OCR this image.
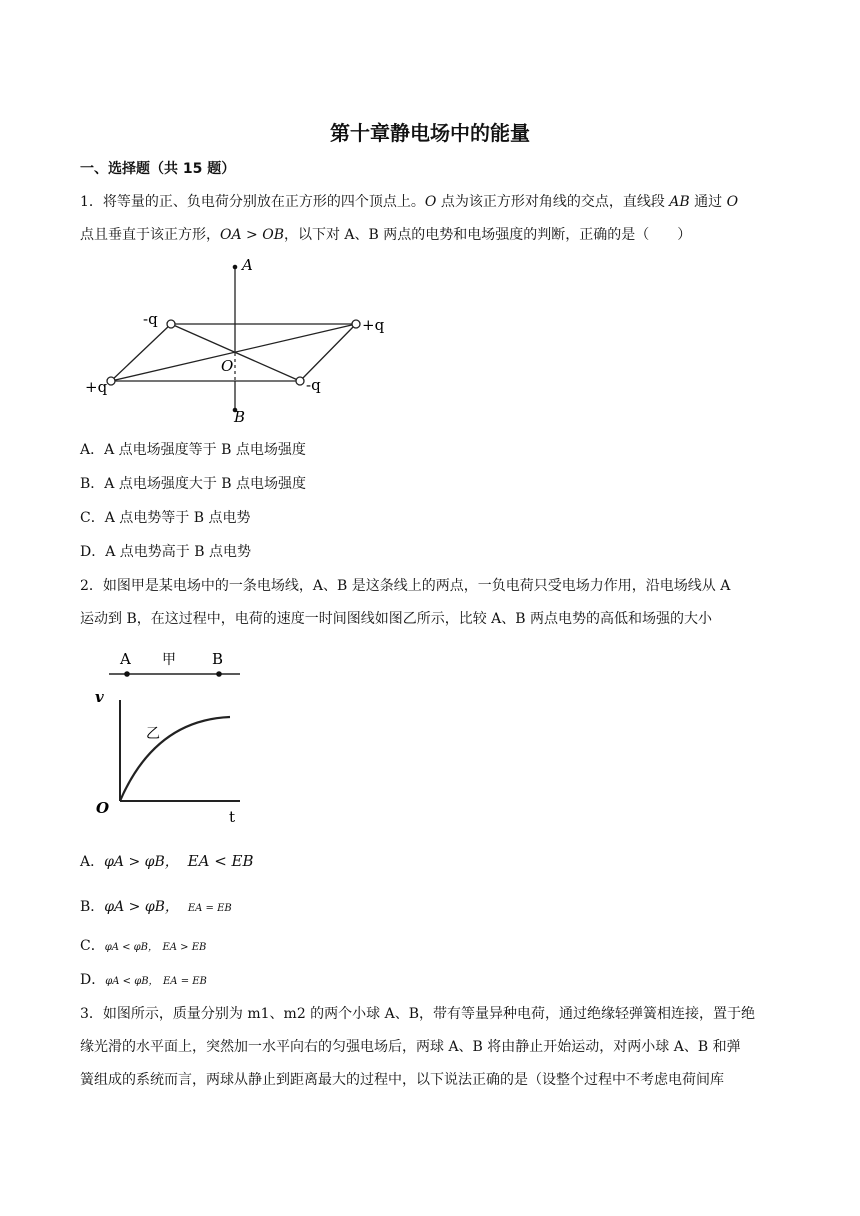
第十章静电场中的能量
一、选择题（共 15 题）
1．将等量的正、负电荷分别放在正方形的四个顶点上。O 点为该正方形对角线的交点，直线段 AB 通过 O
点且垂直于该正方形，OA > OB，以下对 A、B 两点的电势和电场强度的判断，正确的是（　　）
A
B
O
-q	+q
+q	-q
A．A 点电场强度等于 B 点电场强度
B．A 点电场强度大于 B 点电场强度
C．A 点电势等于 B 点电势
D．A 点电势高于 B 点电势
2．如图甲是某电场中的一条电场线，A、B 是这条线上的两点，一负电荷只受电场力作用，沿电场线从 A
运动到 B，在这过程中，电荷的速度一时间图线如图乙所示，比较 A、B 两点电势的高低和场强的大小
A 甲 B
v
O	t
乙
A．φA > φB， EA < EB
B．φA > φB， EA = EB
C．φA < φB， EA > EB
D．φA < φB， EA = EB
3．如图所示，质量分别为 m1、m2 的两个小球 A、B，带有等量异种电荷，通过绝缘轻弹簧相连接，置于绝
缘光滑的水平面上，突然加一水平向右的匀强电场后，两球 A、B 将由静止开始运动，对两小球 A、B 和弹
簧组成的系统而言，两球从静止到距离最大的过程中，以下说法正确的是（设整个过程中不考虑电荷间库
